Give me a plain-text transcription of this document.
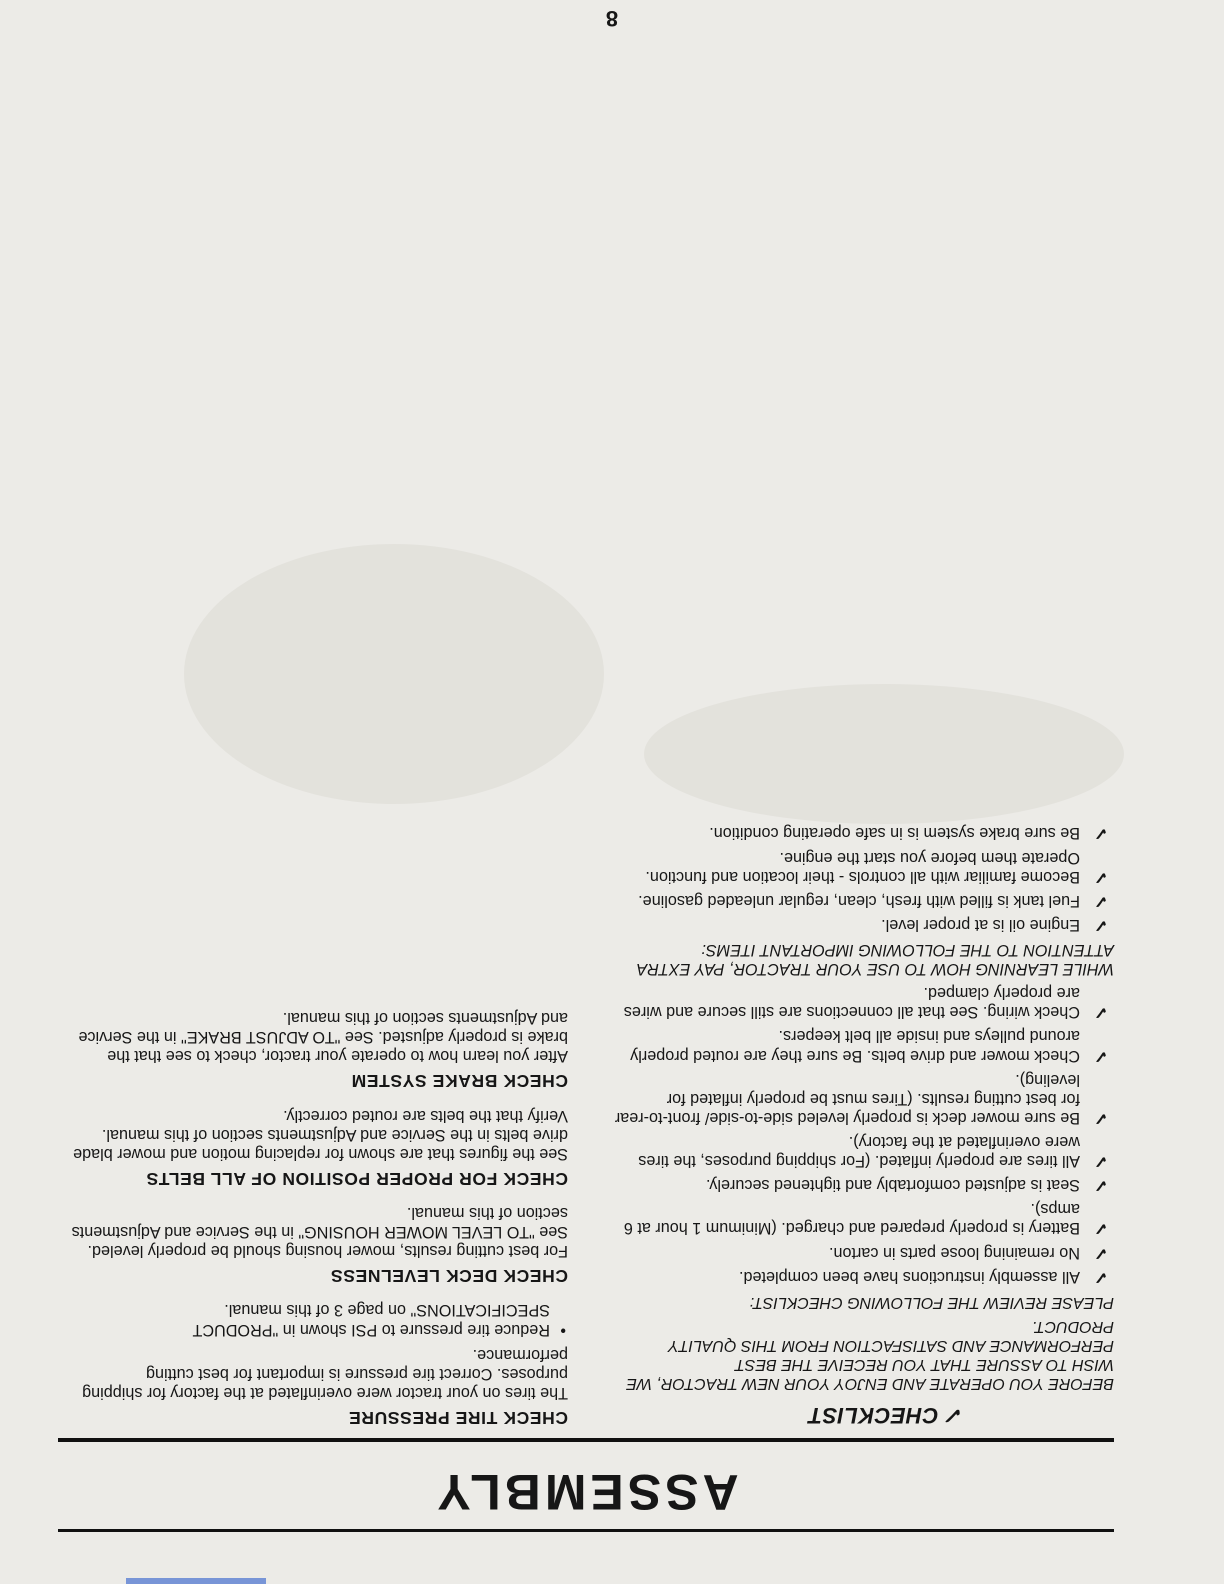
ASSEMBLY
✓ CHECKLIST

BEFORE YOU OPERATE AND ENJOY YOUR NEW TRACTOR, WE WISH TO ASSURE THAT YOU RECEIVE THE BEST PERFORMANCE AND SATISFACTION FROM THIS QUALITY PRODUCT.

PLEASE REVIEW THE FOLLOWING CHECKLIST:

✓
All assembly instructions have been completed.
✓
No remaining loose parts in carton.
✓
Battery is properly prepared and charged. (Minimum 1 hour at 6 amps).
✓
Seat is adjusted comfortably and tightened securely.
✓
All tires are properly inflated. (For shipping purposes, the tires were overinflated at the factory).
✓
Be sure mower deck is properly leveled side-to-side/ front-to-rear for best cutting results. (Tires must be properly inflated for leveling).
✓
Check mower and drive belts. Be sure they are routed properly around pulleys and inside all belt keepers.
✓
Check wiring. See that all connections are still secure and wires are properly clamped.

WHILE LEARNING HOW TO USE YOUR TRACTOR, PAY EXTRA ATTENTION TO THE FOLLOWING IMPORTANT ITEMS:

✓
Engine oil is at proper level.
✓
Fuel tank is filled with fresh, clean, regular unleaded gasoline.
✓
Become familiar with all controls - their location and function. Operate them before you start the engine.
✓
Be sure brake system is in safe operating condition.
CHECK TIRE PRESSURE

The tires on your tractor were overinflated at the factory for shipping purposes. Correct tire pressure is important for best cutting performance.

•
Reduce tire pressure to PSI shown in "PRODUCT SPECIFICATIONS" on page 3 of this manual.
CHECK DECK LEVELNESS

For best cutting results, mower housing should be properly leveled. See "TO LEVEL MOWER HOUSING" in the Service and Adjustments section of this manual.

CHECK FOR PROPER POSITION OF ALL BELTS

See the figures that are shown for replacing motion and mower blade drive belts in the Service and Adjustments section of this manual. Verify that the belts are routed correctly.

CHECK BRAKE SYSTEM

After you learn how to operate your tractor, check to see that the brake is properly adjusted. See "TO ADJUST BRAKE" in the Service and Adjustments section of this manual.

8
